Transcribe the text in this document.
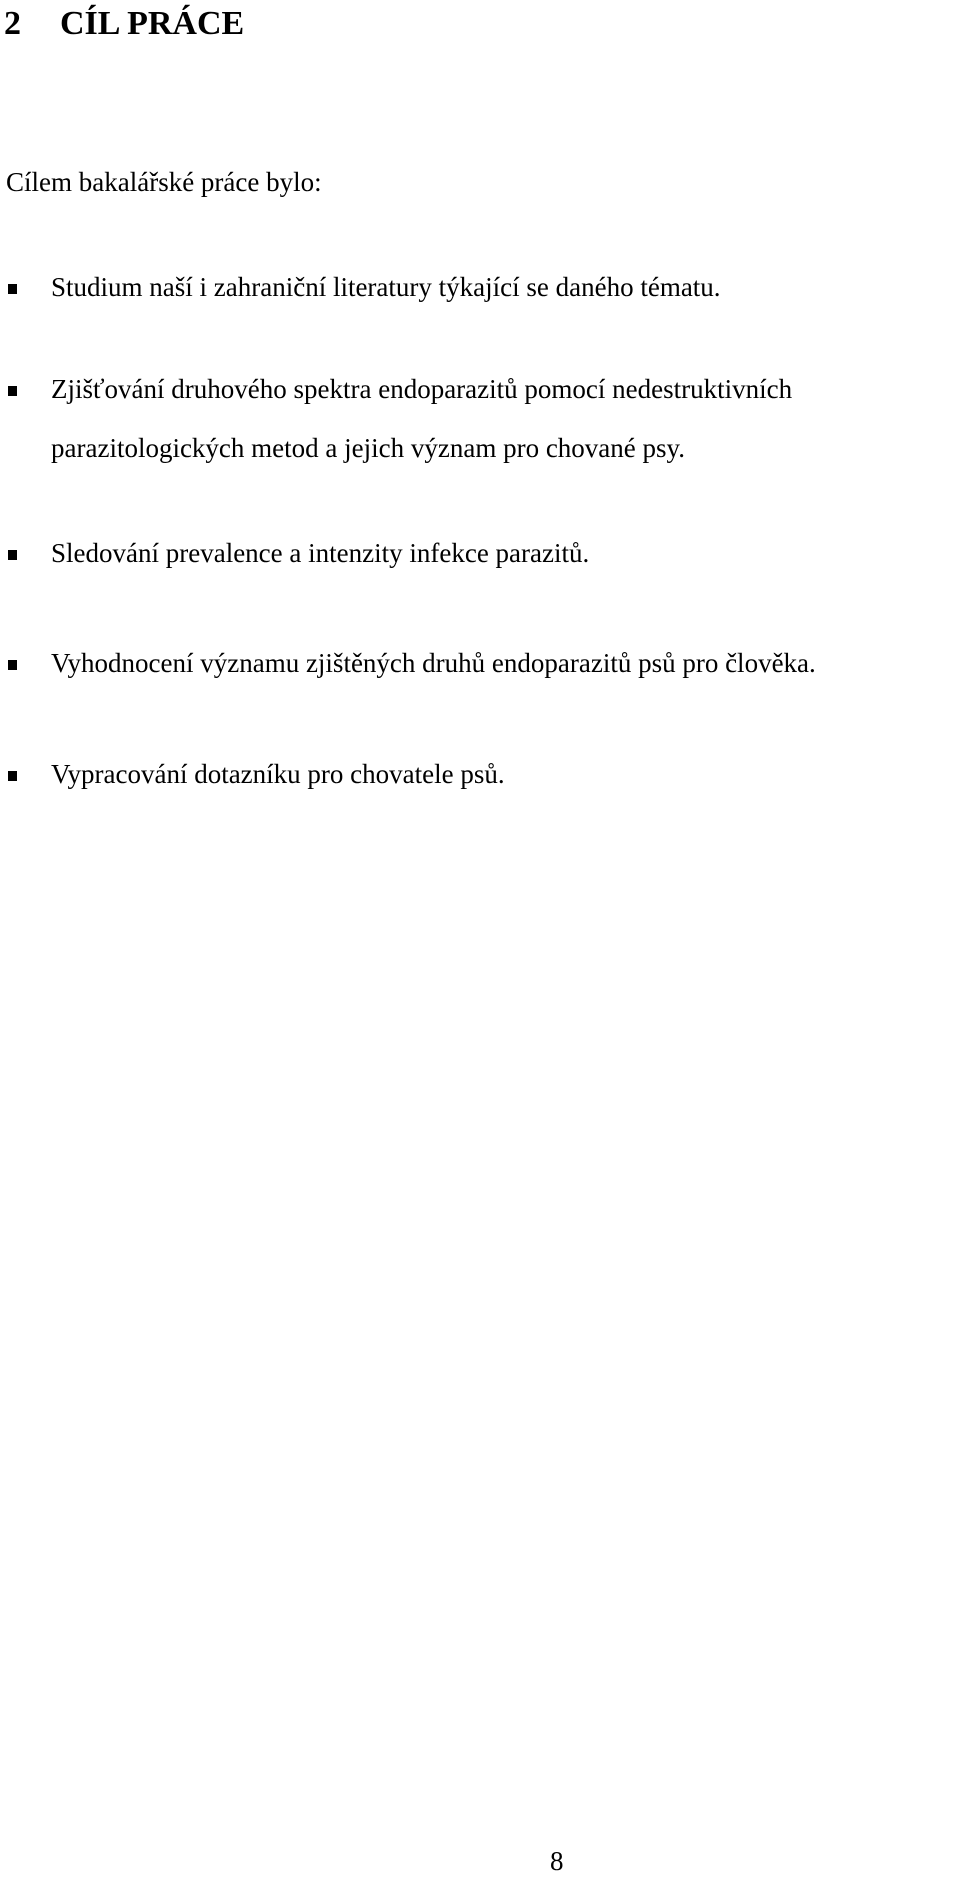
2 CÍL PRÁCE

Cílem bakalářské práce bylo:

Studium naší i zahraniční literatury týkající se daného tématu.

Zjišťování druhového spektra endoparazitů pomocí nedestruktivních
parazitologických metod a jejich význam pro chované psy.

Sledování prevalence a intenzity infekce parazitů.

Vyhodnocení významu zjištěných druhů endoparazitů psů pro člověka.

Vypracování dotazníku pro chovatele psů.

8
